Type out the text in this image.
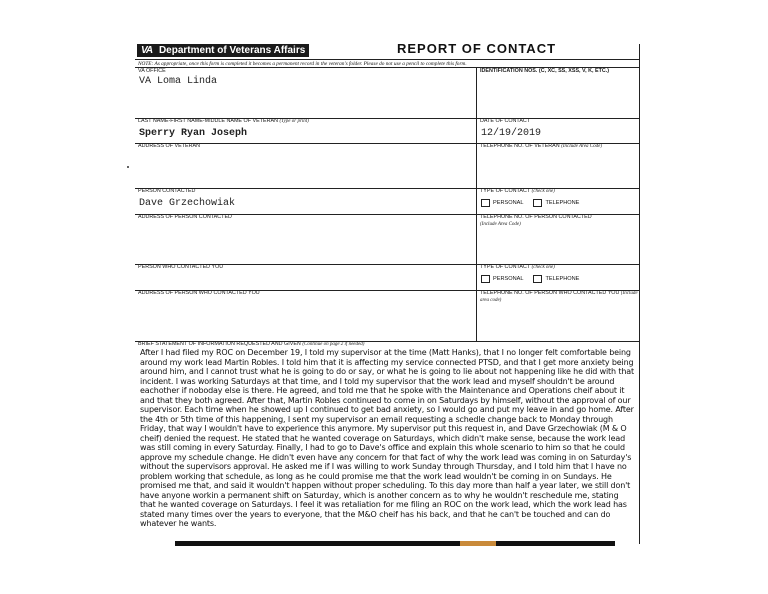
VA Department of Veterans Affairs	REPORT OF CONTACT
NOTE: As appropriate, once this form is completed it becomes a permanent record in the veteran's folder. Please do not use a pencil to complete this form.
VA OFFICE
VA Loma Linda
IDENTIFICATION NOS. (C, XC, SS, XSS, V, K, ETC.)
LAST NAME-FIRST NAME-MIDDLE NAME OF VETERAN (Type or print)
Sperry Ryan Joseph
DATE OF CONTACT
12/19/2019
ADDRESS OF VETERAN	TELEPHONE NO. OF VETERAN (Include Area Code)
PERSON CONTACTED
Dave Grzechowiak
TYPE OF CONTACT (check one)
PERSONAL	TELEPHONE
ADDRESS OF PERSON CONTACTED	TELEPHONE NO. OF PERSON CONTACTED
(Include Area Code)
PERSON WHO CONTACTED YOU	TYPE OF CONTACT (check one)
PERSONAL	TELEPHONE
ADDRESS OF PERSON WHO CONTACTED YOU	TELEPHONE NO. OF PERSON WHO CONTACTED YOU (Include area code)
BRIEF STATEMENT OF INFORMATION REQUESTED AND GIVEN (Continue on page 2 if needed)
After I had filed my ROC on December 19, I told my supervisor at the time (Matt Hanks), that I no longer felt comfortable being around my work lead Martin Robles. I told him that it is affecting my service connected PTSD, and that I get more anxiety being around him, and I cannot trust what he is going to do or say, or what he is going to lie about not happening like he did with that incident. I was working Saturdays at that time, and I told my supervisor that the work lead and myself shouldn't be around eachother if noboday else is there. He agreed, and told me that he spoke with the Maintenance and Operations cheif about it and that they both agreed. After that, Martin Robles continued to come in on Saturdays by himself, without the approval of our supervisor. Each time when he showed up I continued to get bad anxiety, so I would go and put my leave in and go home. After the 4th or 5th time of this happening, I sent my supervisor an email requesting a schedle change back to Monday through Friday, that way I wouldn't have to experience this anymore. My supervisor put this request in, and Dave Grzechowiak (M & O cheif) denied the request. He stated that he wanted coverage on Saturdays, which didn't make sense, because the work lead was still coming in every Saturday. Finally, I had to go to Dave's office and explain this whole scenario to him so that he could approve my schedule change. He didn't even have any concern for that fact of why the work lead was coming in on Saturday's without the supervisors approval. He asked me if I was willing to work Sunday through Thursday, and I told him that I have no problem working that schedule, as long as he could promise me that the work lead wouldn't be coming in on Sundays. He promised me that, and said it wouldn't happen without proper scheduling. To this day more than half a year later, we still don't have anyone workin a permanent shift on Saturday, which is another concern as to why he wouldn't reschedule me, stating that he wanted coverage on Saturdays. I feel it was retaliation for me filing an ROC on the work lead, which the work lead has stated many times over the years to everyone, that the M&O cheif has his back, and that he can't be touched and can do whatever he wants.
